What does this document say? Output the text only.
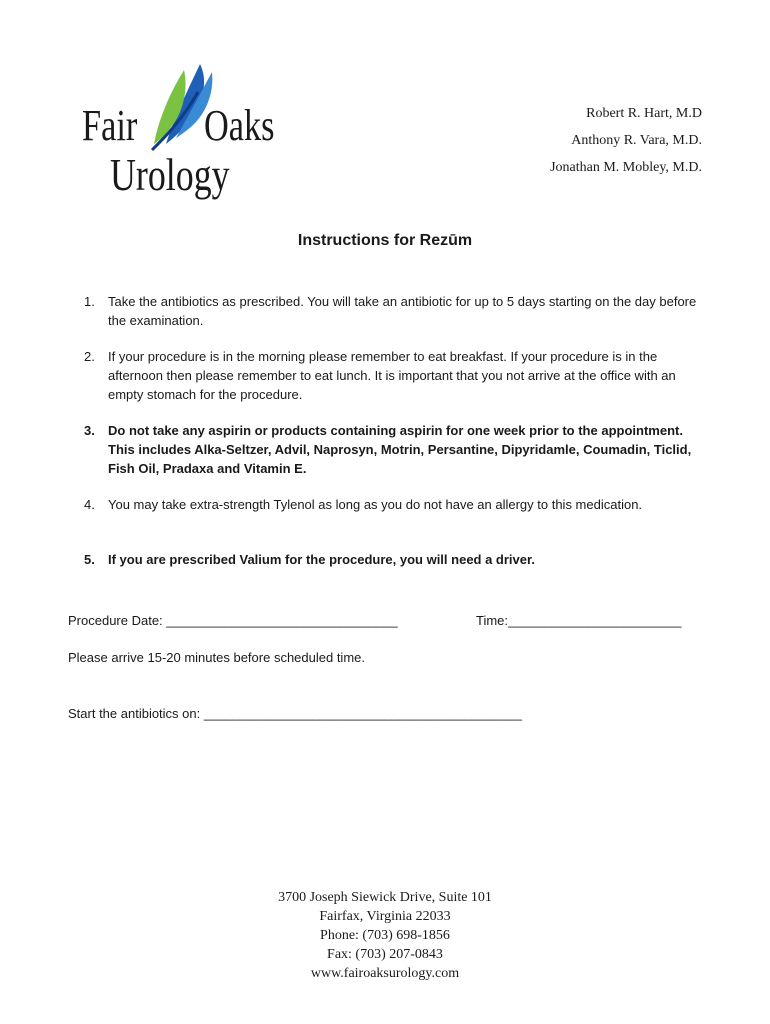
Fair Oaks
Urology
Robert R. Hart, M.D
Anthony R. Vara, M.D.
Jonathan M. Mobley, M.D.
Instructions for Rezūm
1. Take the antibiotics as prescribed. You will take an antibiotic for up to 5 days starting on the day before the examination.
2. If your procedure is in the morning please remember to eat breakfast. If your procedure is in the afternoon then please remember to eat lunch. It is important that you not arrive at the office with an empty stomach for the procedure.
3. Do not take any aspirin or products containing aspirin for one week prior to the appointment. This includes Alka-Seltzer, Advil, Naprosyn, Motrin, Persantine, Dipyridamle, Coumadin, Ticlid, Fish Oil, Pradaxa and Vitamin E.
4. You may take extra-strength Tylenol as long as you do not have an allergy to this medication.
5. If you are prescribed Valium for the procedure, you will need a driver.
Procedure Date: ________________________________	Time:________________________
Please arrive 15-20 minutes before scheduled time.
Start the antibiotics on: ____________________________________________
3700 Joseph Siewick Drive, Suite 101
Fairfax, Virginia 22033
Phone: (703) 698-1856
Fax: (703) 207-0843
www.fairoaksurology.com
